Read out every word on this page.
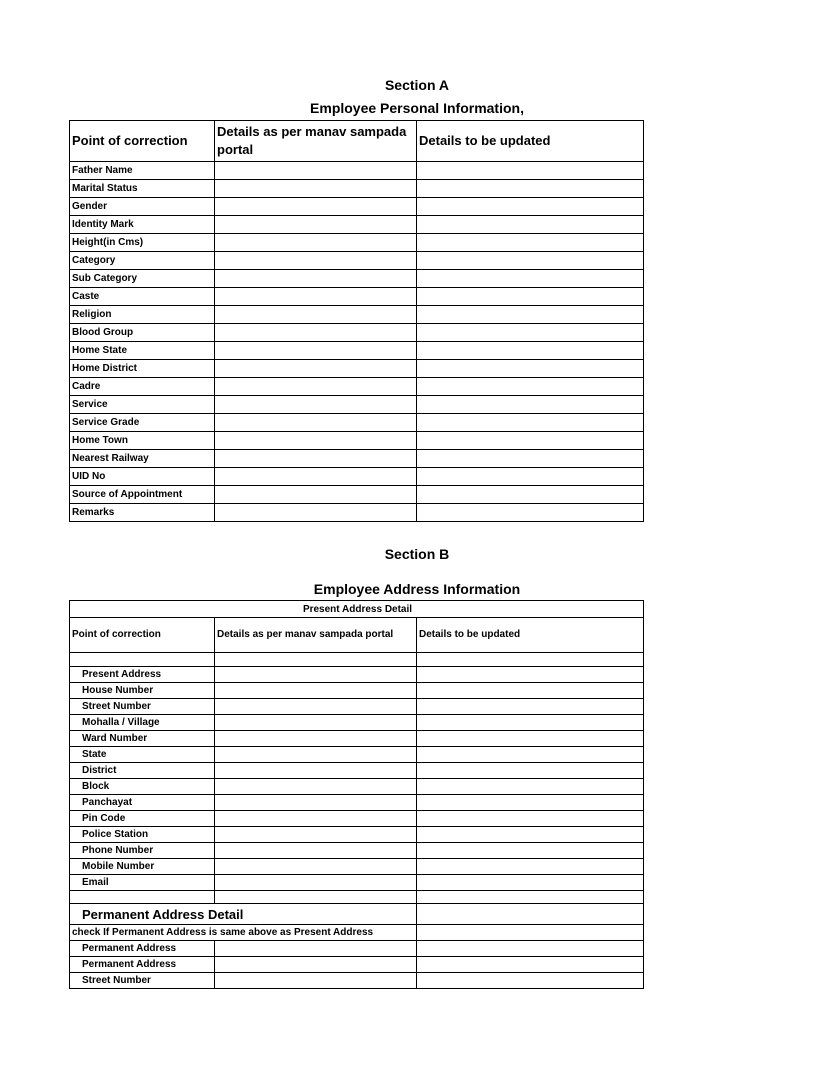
Section A
Employee Personal Information,
Point of correction	Details as per manav sampada portal	Details to be updated
Father Name		
Marital Status		
Gender		
Identity Mark		
Height(in Cms)		
Category		
Sub Category		
Caste		
Religion		
Blood Group		
Home State		
Home District		
Cadre		
Service		
Service Grade		
Home Town		
Nearest Railway		
UID No		
Source of Appointment		
Remarks		
Section B
Employee Address Information
Present Address Detail		
Point of correction	Details as per manav sampada portal	Details to be updated

Present Address		
House Number		
Street Number		
Mohalla / Village		
Ward Number		
State		
District		
Block		
Panchayat		
Pin Code		
Police Station		
Phone Number		
Mobile Number		
Email		

Permanent Address Detail		
check If Permanent Address is same above as Present Address		
Permanent Address		
Permanent Address		
Street Number		
